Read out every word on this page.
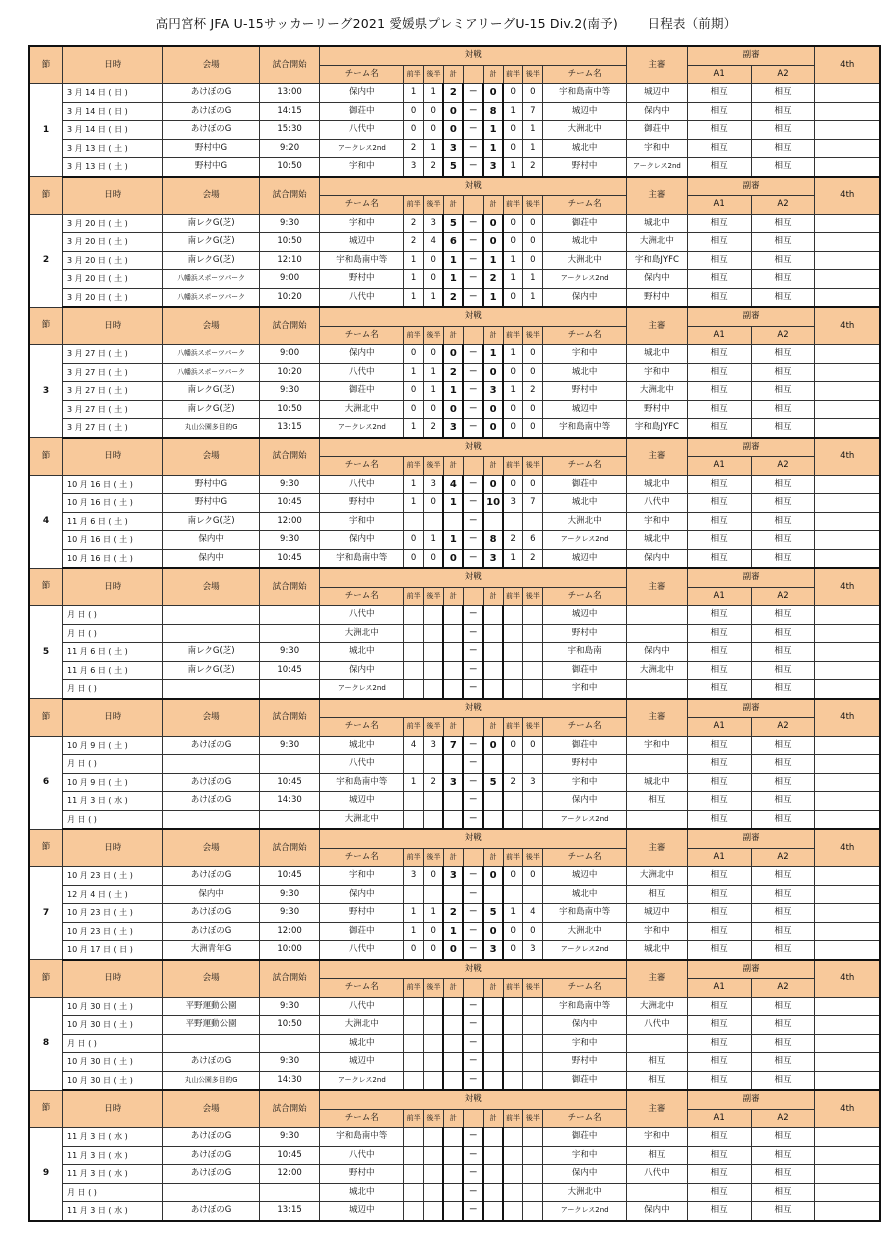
高円宮杯 JFA U-15サッカーリーグ2021 愛媛県プレミアリーグU-15 Div.2(南予)　　 日程表（前期）
節	日時	会場	試合開始	対戦									主審	副審		4th
				チーム名	前半	後半	計		計	前半	後半	チーム名		A1	A2	
1	3 月 14 日 ( 日 )	あけぼのG	13:00	保内中	1	1	2	－	0	0	0	宇和島南中等	城辺中	相互	相互	
	3 月 14 日 ( 日 )	あけぼのG	14:15	御荘中	0	0	0	－	8	1	7	城辺中	保内中	相互	相互	
	3 月 14 日 ( 日 )	あけぼのG	15:30	八代中	0	0	0	－	1	0	1	大洲北中	御荘中	相互	相互	
	3 月 13 日 ( 土 )	野村中G	9:20	アークレス2nd	2	1	3	－	1	0	1	城北中	宇和中	相互	相互	
	3 月 13 日 ( 土 )	野村中G	10:50	宇和中	3	2	5	－	3	1	2	野村中	アークレス2nd	相互	相互	
節	日時	会場	試合開始	対戦									主審	副審		4th
				チーム名	前半	後半	計		計	前半	後半	チーム名		A1	A2	
2	3 月 20 日 ( 土 )	南レクG(芝)	9:30	宇和中	2	3	5	－	0	0	0	御荘中	城北中	相互	相互	
	3 月 20 日 ( 土 )	南レクG(芝)	10:50	城辺中	2	4	6	－	0	0	0	城北中	大洲北中	相互	相互	
	3 月 20 日 ( 土 )	南レクG(芝)	12:10	宇和島南中等	1	0	1	－	1	1	0	大洲北中	宇和島JYFC	相互	相互	
	3 月 20 日 ( 土 )	八幡浜スポーツパーク	9:00	野村中	1	0	1	－	2	1	1	アークレス2nd	保内中	相互	相互	
	3 月 20 日 ( 土 )	八幡浜スポーツパーク	10:20	八代中	1	1	2	－	1	0	1	保内中	野村中	相互	相互	
節	日時	会場	試合開始	対戦									主審	副審		4th
				チーム名	前半	後半	計		計	前半	後半	チーム名		A1	A2	
3	3 月 27 日 ( 土 )	八幡浜スポーツパーク	9:00	保内中	0	0	0	－	1	1	0	宇和中	城北中	相互	相互	
	3 月 27 日 ( 土 )	八幡浜スポーツパーク	10:20	八代中	1	1	2	－	0	0	0	城北中	宇和中	相互	相互	
	3 月 27 日 ( 土 )	南レクG(芝)	9:30	御荘中	0	1	1	－	3	1	2	野村中	大洲北中	相互	相互	
	3 月 27 日 ( 土 )	南レクG(芝)	10:50	大洲北中	0	0	0	－	0	0	0	城辺中	野村中	相互	相互	
	3 月 27 日 ( 土 )	丸山公園多目的G	13:15	アークレス2nd	1	2	3	－	0	0	0	宇和島南中等	宇和島JYFC	相互	相互	
節	日時	会場	試合開始	対戦									主審	副審		4th
				チーム名	前半	後半	計		計	前半	後半	チーム名		A1	A2	
4	10 月 16 日 ( 土 )	野村中G	9:30	八代中	1	3	4	－	0	0	0	御荘中	城北中	相互	相互	
	10 月 16 日 ( 土 )	野村中G	10:45	野村中	1	0	1	－	10	3	7	城北中	八代中	相互	相互	
	11 月 6 日 ( 土 )	南レクG(芝)	12:00	宇和中				－				大洲北中	宇和中	相互	相互	
	10 月 16 日 ( 土 )	保内中	9:30	保内中	0	1	1	－	8	2	6	アークレス2nd	城北中	相互	相互	
	10 月 16 日 ( 土 )	保内中	10:45	宇和島南中等	0	0	0	－	3	1	2	城辺中	保内中	相互	相互	
節	日時	会場	試合開始	対戦									主審	副審		4th
				チーム名	前半	後半	計		計	前半	後半	チーム名		A1	A2	
5	月 日 ( )			八代中				－				城辺中		相互	相互	
	月 日 ( )			大洲北中				－				野村中		相互	相互	
	11 月 6 日 ( 土 )	南レクG(芝)	9:30	城北中				－				宇和島南	保内中	相互	相互	
	11 月 6 日 ( 土 )	南レクG(芝)	10:45	保内中				－				御荘中	大洲北中	相互	相互	
	月 日 ( )			アークレス2nd				－				宇和中		相互	相互	
節	日時	会場	試合開始	対戦									主審	副審		4th
				チーム名	前半	後半	計		計	前半	後半	チーム名		A1	A2	
6	10 月 9 日 ( 土 )	あけぼのG	9:30	城北中	4	3	7	－	0	0	0	御荘中	宇和中	相互	相互	
	月 日 ( )			八代中				－				野村中		相互	相互	
	10 月 9 日 ( 土 )	あけぼのG	10:45	宇和島南中等	1	2	3	－	5	2	3	宇和中	城北中	相互	相互	
	11 月 3 日 ( 水 )	あけぼのG	14:30	城辺中				－				保内中	相互	相互	相互	
	月 日 ( )			大洲北中				－				アークレス2nd		相互	相互	
節	日時	会場	試合開始	対戦									主審	副審		4th
				チーム名	前半	後半	計		計	前半	後半	チーム名		A1	A2	
7	10 月 23 日 ( 土 )	あけぼのG	10:45	宇和中	3	0	3	－	0	0	0	城辺中	大洲北中	相互	相互	
	12 月 4 日 ( 土 )	保内中	9:30	保内中				－				城北中	相互	相互	相互	
	10 月 23 日 ( 土 )	あけぼのG	9:30	野村中	1	1	2	－	5	1	4	宇和島南中等	城辺中	相互	相互	
	10 月 23 日 ( 土 )	あけぼのG	12:00	御荘中	1	0	1	－	0	0	0	大洲北中	宇和中	相互	相互	
	10 月 17 日 ( 日 )	大洲青年G	10:00	八代中	0	0	0	－	3	0	3	アークレス2nd	城北中	相互	相互	
節	日時	会場	試合開始	対戦									主審	副審		4th
				チーム名	前半	後半	計		計	前半	後半	チーム名		A1	A2	
8	10 月 30 日 ( 土 )	平野運動公園	9:30	八代中				－				宇和島南中等	大洲北中	相互	相互	
	10 月 30 日 ( 土 )	平野運動公園	10:50	大洲北中				－				保内中	八代中	相互	相互	
	月 日 ( )			城北中				－				宇和中		相互	相互	
	10 月 30 日 ( 土 )	あけぼのG	9:30	城辺中				－				野村中	相互	相互	相互	
	10 月 30 日 ( 土 )	丸山公園多目的G	14:30	アークレス2nd				－				御荘中	相互	相互	相互	
節	日時	会場	試合開始	対戦									主審	副審		4th
				チーム名	前半	後半	計		計	前半	後半	チーム名		A1	A2	
9	11 月 3 日 ( 水 )	あけぼのG	9:30	宇和島南中等				－				御荘中	宇和中	相互	相互	
	11 月 3 日 ( 水 )	あけぼのG	10:45	八代中				－				宇和中	相互	相互	相互	
	11 月 3 日 ( 水 )	あけぼのG	12:00	野村中				－				保内中	八代中	相互	相互	
	月 日 ( )			城北中				－				大洲北中		相互	相互	
	11 月 3 日 ( 水 )	あけぼのG	13:15	城辺中				－				アークレス2nd	保内中	相互	相互	
